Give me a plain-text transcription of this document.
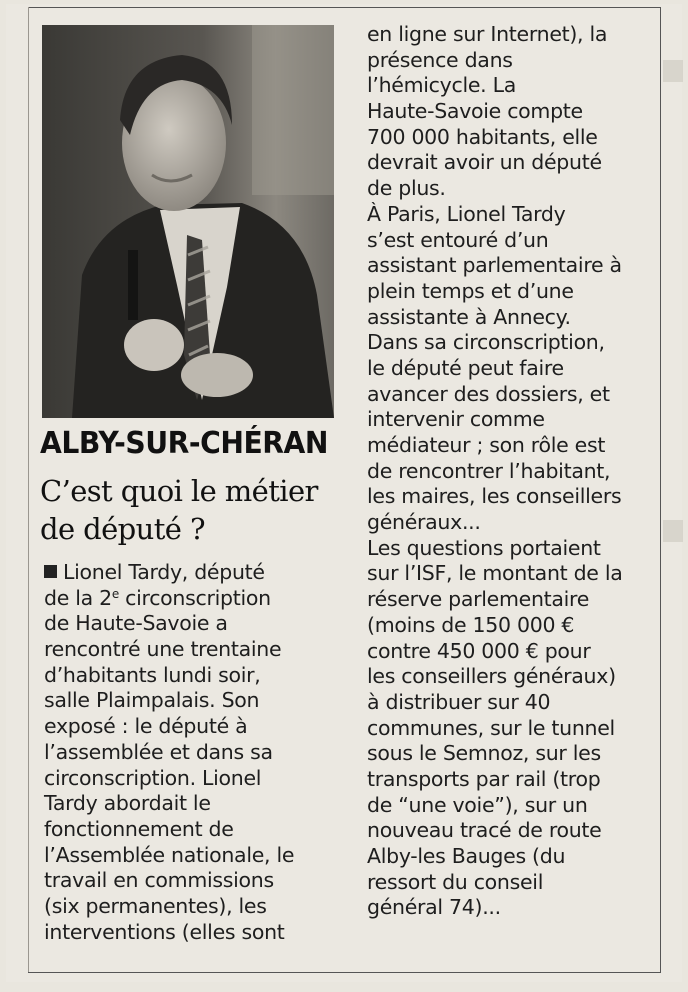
ALBY-SUR-CHÉRAN
C’est quoi le métier
de député ?
Lionel Tardy, député
de la 2e circonscription
de Haute-Savoie a
rencontré une trentaine
d’habitants lundi soir,
salle Plaimpalais. Son
exposé : le député à
l’assemblée et dans sa
circonscription. Lionel
Tardy abordait le
fonctionnement de
l’Assemblée nationale, le
travail en commissions
(six permanentes), les
interventions (elles sont
en ligne sur Internet), la
présence dans
l’hémicycle. La
Haute-Savoie compte
700 000 habitants, elle
devrait avoir un député
de plus.
À Paris, Lionel Tardy
s’est entouré d’un
assistant parlementaire à
plein temps et d’une
assistante à Annecy.
Dans sa circonscription,
le député peut faire
avancer des dossiers, et
intervenir comme
médiateur ; son rôle est
de rencontrer l’habitant,
les maires, les conseillers
généraux...
Les questions portaient
sur l’ISF, le montant de la
réserve parlementaire
(moins de 150 000 €
contre 450 000 € pour
les conseillers généraux)
à distribuer sur 40
communes, sur le tunnel
sous le Semnoz, sur les
transports par rail (trop
de “une voie”), sur un
nouveau tracé de route
Alby-les Bauges (du
ressort du conseil
général 74)...
